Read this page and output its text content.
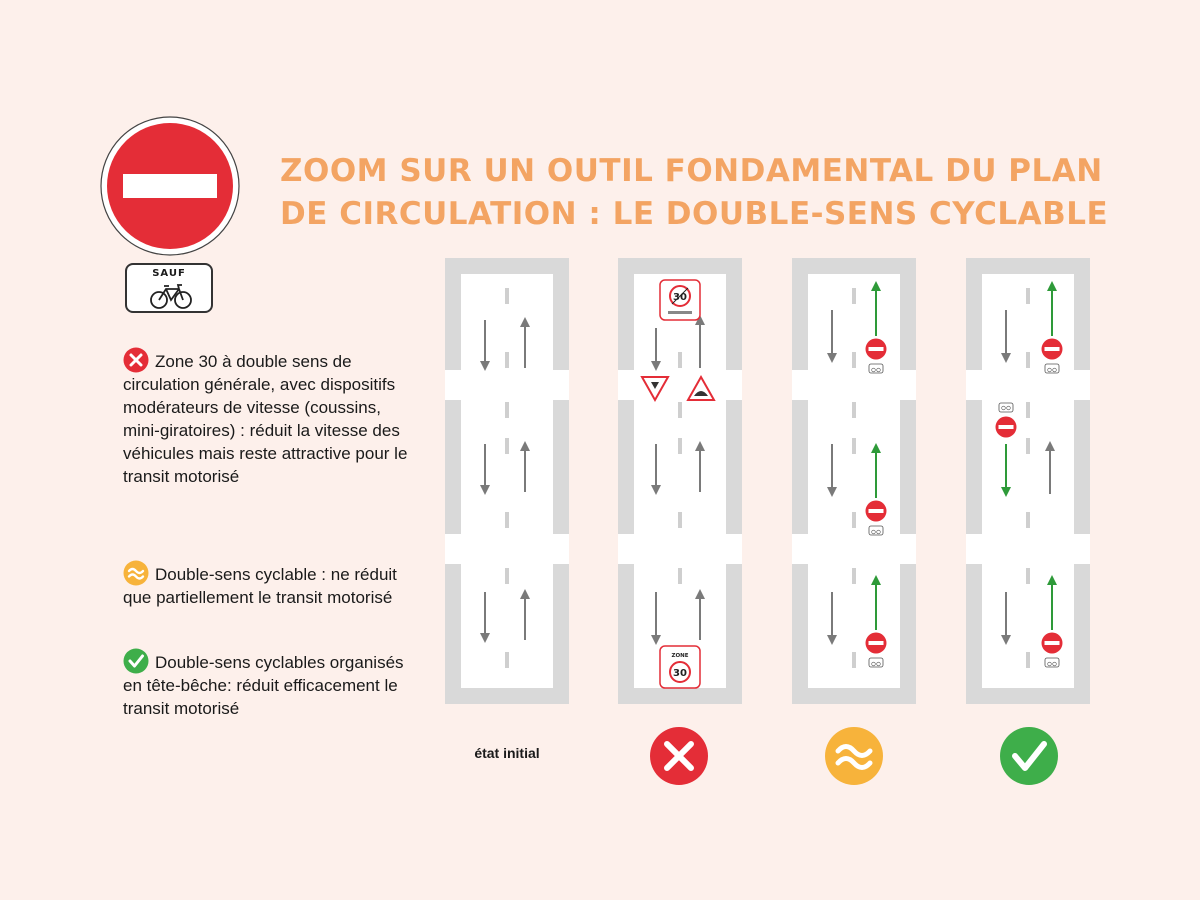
ZOOM SUR UN OUTIL FONDAMENTAL DU PLAN
DE CIRCULATION : LE DOUBLE-SENS CYCLABLE
SAUF

Zone 30 à double sens de circulation générale, avec dispositifs modérateurs de vitesse (coussins, mini-giratoires) : réduit la vitesse des véhicules mais reste attractive pour le transit motorisé

Double-sens cyclable : ne réduit que partiellement le transit motorisé

Double-sens cyclables organisés en tête-bêche: réduit efficacement le transit motorisé

30
ZONE
30
état initial
